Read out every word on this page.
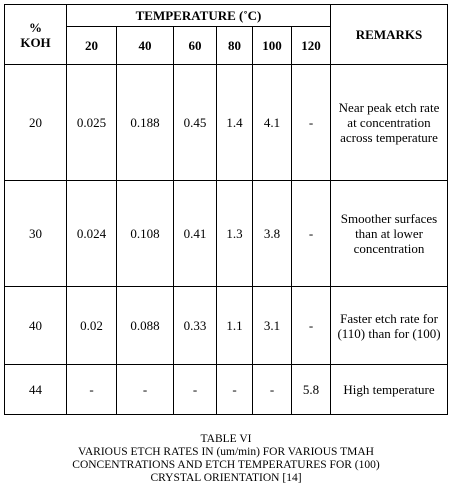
%
KOH	TEMPERATURE (˚C)						REMARKS
	20	40	60	80	100	120	
20	0.025	0.188	0.45	1.4	4.1	-	Near peak etch rate at concentration across temperature
30	0.024	0.108	0.41	1.3	3.8	-	Smoother surfaces than at lower concentration
40	0.02	0.088	0.33	1.1	3.1	-	Faster etch rate for (110) than for (100)
44	-	-	-	-	-	5.8	High temperature
TABLE VI
VARIOUS ETCH RATES IN (um/min) FOR VARIOUS TMAH
CONCENTRATIONS AND ETCH TEMPERATURES FOR (100)
CRYSTAL ORIENTATION [14]
